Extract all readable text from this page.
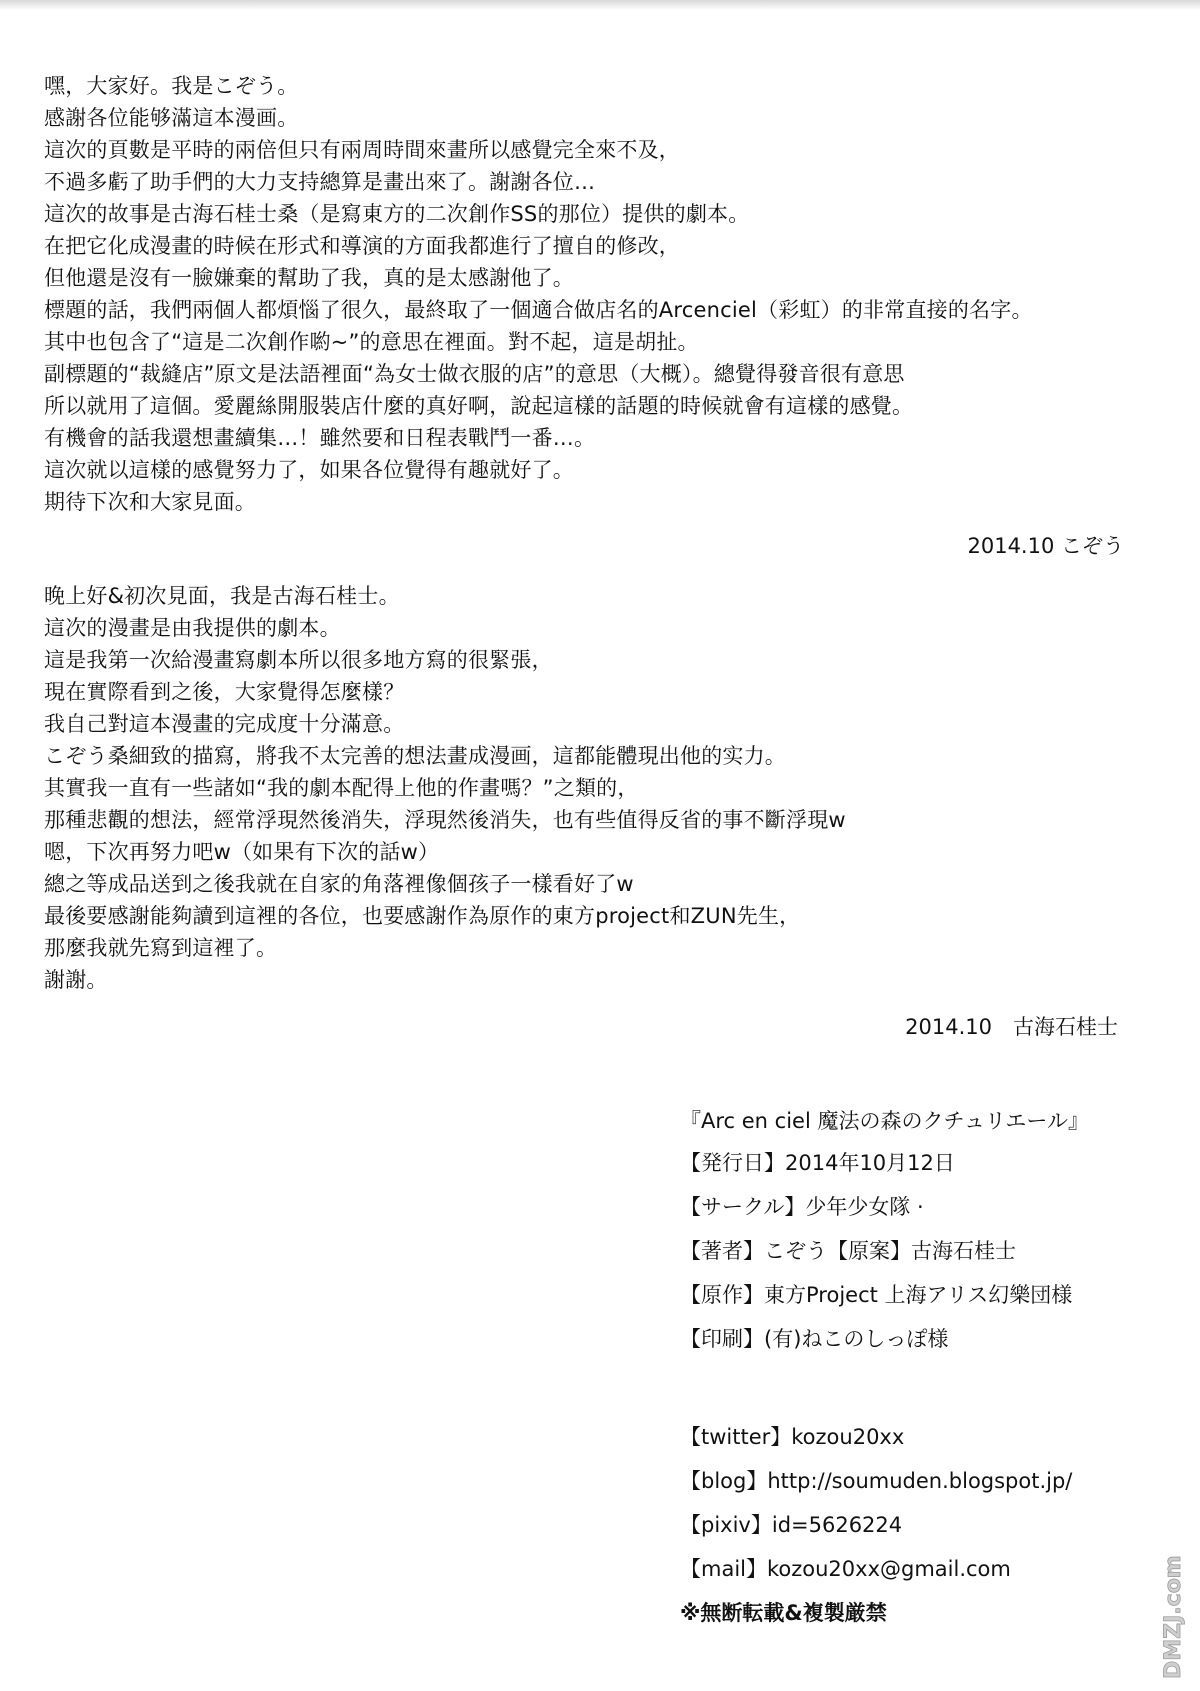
嘿，大家好。我是こぞう。
感謝各位能够滿這本漫画。
這次的頁數是平時的兩倍但只有兩周時間來畫所以感覺完全來不及，
不過多虧了助手們的大力支持總算是畫出來了。謝謝各位…
這次的故事是古海石桂士桑（是寫東方的二次創作SS的那位）提供的劇本。
在把它化成漫畫的時候在形式和導演的方面我都進行了擅自的修改，
但他還是沒有一臉嫌棄的幫助了我，真的是太感謝他了。
標題的話，我們兩個人都煩惱了很久，最終取了一個適合做店名的Arcenciel（彩虹）的非常直接的名字。
其中也包含了“這是二次創作喲~”的意思在裡面。對不起，這是胡扯。
副標題的“裁縫店”原文是法語裡面“為女士做衣服的店”的意思（大概）。總覺得發音很有意思
所以就用了這個。愛麗絲開服裝店什麼的真好啊，說起這樣的話題的時候就會有這樣的感覺。
有機會的話我還想畫續集…！雖然要和日程表戰鬥一番…。
這次就以這樣的感覺努力了，如果各位覺得有趣就好了。
期待下次和大家見面。
2014.10 こぞう
晚上好&初次見面，我是古海石桂士。
這次的漫畫是由我提供的劇本。
這是我第一次給漫畫寫劇本所以很多地方寫的很緊張，
現在實際看到之後，大家覺得怎麼樣？
我自己對這本漫畫的完成度十分滿意。
こぞう桑細致的描寫，將我不太完善的想法畫成漫画，這都能體現出他的实力。
其實我一直有一些諸如“我的劇本配得上他的作畫嗎？”之類的，
那種悲觀的想法，經常浮現然後消失，浮現然後消失，也有些值得反省的事不斷浮現w
嗯，下次再努力吧w（如果有下次的話w）
總之等成品送到之後我就在自家的角落裡像個孩子一樣看好了w
最後要感謝能夠讀到這裡的各位，也要感謝作為原作的東方project和ZUN先生，
那麼我就先寫到這裡了。
謝謝。
2014.10　古海石桂士
『Arc en ciel 魔法の森のクチュリエール』
【発行日】2014年10月12日
【サークル】少年少女隊 ·
【著者】こぞう【原案】古海石桂士
【原作】東方Project 上海アリス幻樂団様
【印刷】(有)ねこのしっぽ様
【twitter】kozou20xx
【blog】http://soumuden.blogspot.jp/
【pixiv】id=5626224
【mail】kozou20xx@gmail.com
※無断転載&複製厳禁	DMZJ.com
